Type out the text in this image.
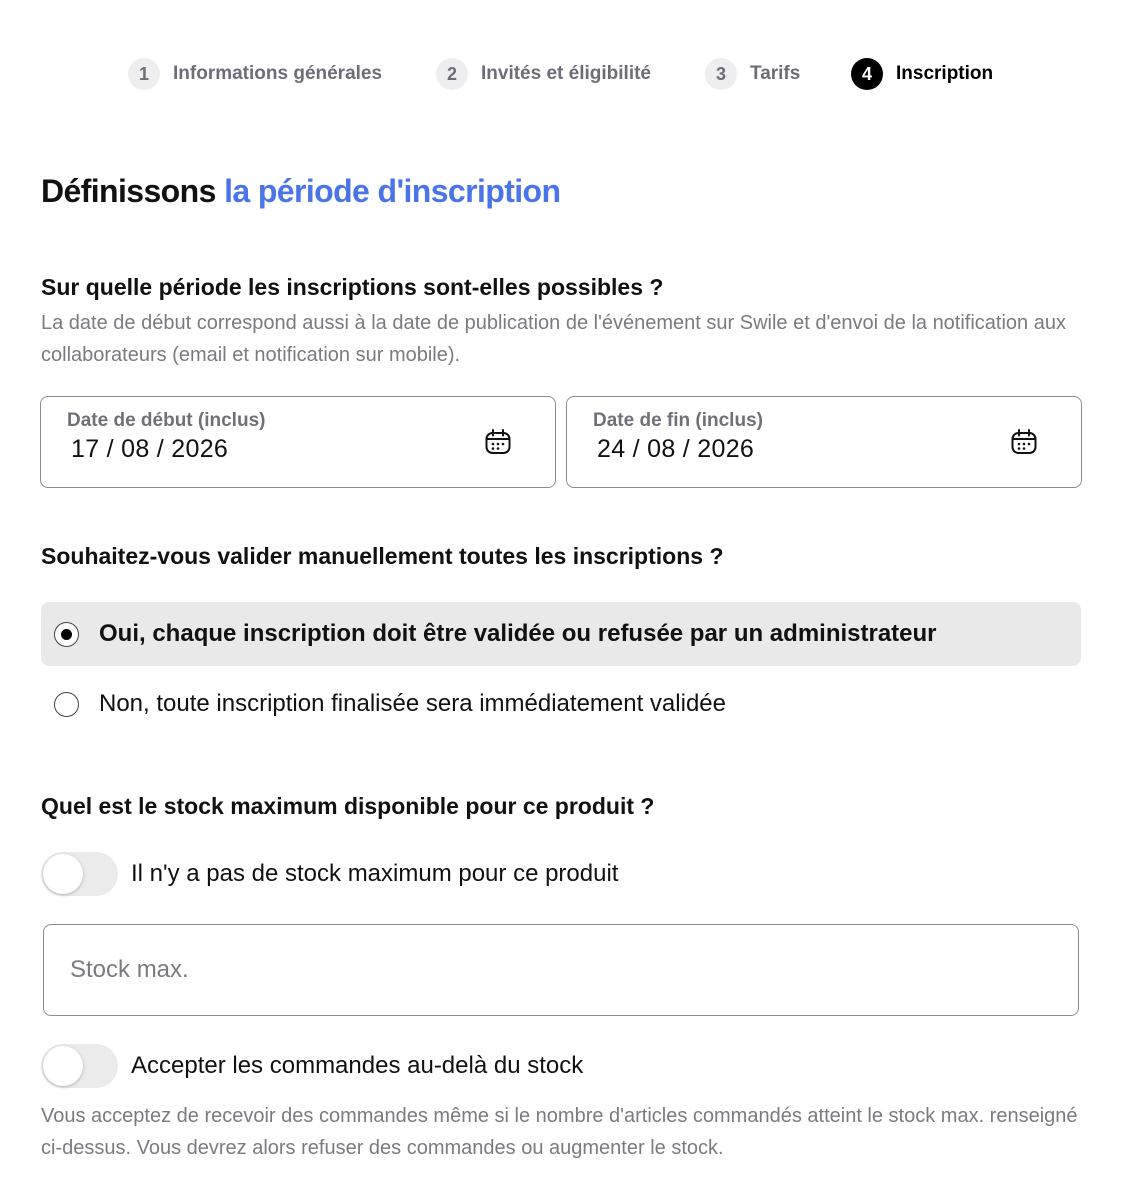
1	Informations générales	2	Invités et éligibilité	3	Tarifs	4	Inscription
Définissons la période d'inscription
Sur quelle période les inscriptions sont-elles possibles ?
La date de début correspond aussi à la date de publication de l'événement sur Swile et d'envoi de la notification aux collaborateurs (email et notification sur mobile).
Date de début (inclus)
17 / 08 / 2026
Date de fin (inclus)
24 / 08 / 2026
Souhaitez-vous valider manuellement toutes les inscriptions ?
Oui, chaque inscription doit être validée ou refusée par un administrateur
Non, toute inscription finalisée sera immédiatement validée
Quel est le stock maximum disponible pour ce produit ?
Il n'y a pas de stock maximum pour ce produit
Stock max.
Accepter les commandes au-delà du stock
Vous acceptez de recevoir des commandes même si le nombre d'articles commandés atteint le stock max. renseigné ci-dessus. Vous devrez alors refuser des commandes ou augmenter le stock.
